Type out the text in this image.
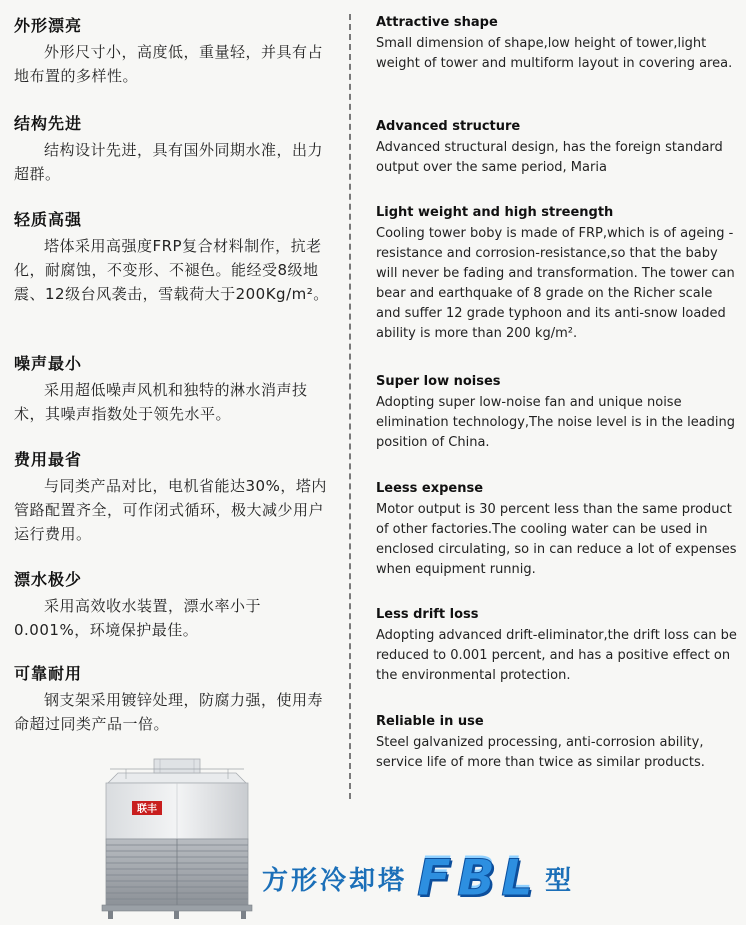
外形漂亮

外形尺寸小，高度低，重量轻，并具有占地布置的多样性。

结构先进

结构设计先进，具有国外同期水准，出力超群。

轻质高强

塔体采用高强度FRP复合材料制作，抗老化，耐腐蚀，不变形、不褪色。能经受8级地震、12级台风袭击，雪载荷大于200Kg/m²。

噪声最小

采用超低噪声风机和独特的淋水消声技术，其噪声指数处于领先水平。

费用最省

与同类产品对比，电机省能达30%，塔内管路配置齐全，可作闭式循环，极大减少用户运行费用。

漂水极少

采用高效收水装置，漂水率小于0.001%，环境保护最佳。

可靠耐用

钢支架采用镀锌处理，防腐力强，使用寿命超过同类产品一倍。

联丰

Attractive shape

Small dimension of shape,low height of tower,light weight of tower and multiform layout in covering area.

Advanced structure

Advanced structural design, has the foreign standard output over the same period, Maria

Light weight and high streength

Cooling tower boby is made of FRP,which is of ageing -resistance and corrosion-resistance,so that the baby will never be fading and transformation. The tower can bear and earthquake of 8 grade on the Richer scale and suffer 12 grade typhoon and its anti-snow loaded ability is more than 200 kg/m².

Super low noises

Adopting super low-noise fan and unique noise elimination technology,The noise level is in the leading position of China.

Leess expense

Motor output is 30 percent less than the same product of other factories.The cooling water can be used in enclosed circulating, so in can reduce a lot of expenses when equipment runnig.

Less drift loss

Adopting advanced drift-eliminator,the drift loss can be reduced to 0.001 percent, and has a positive effect on the environmental protection.

Reliable in use

Steel galvanized processing, anti-corrosion ability, service life of more than twice as similar products.

方形冷却塔 FBL 型
